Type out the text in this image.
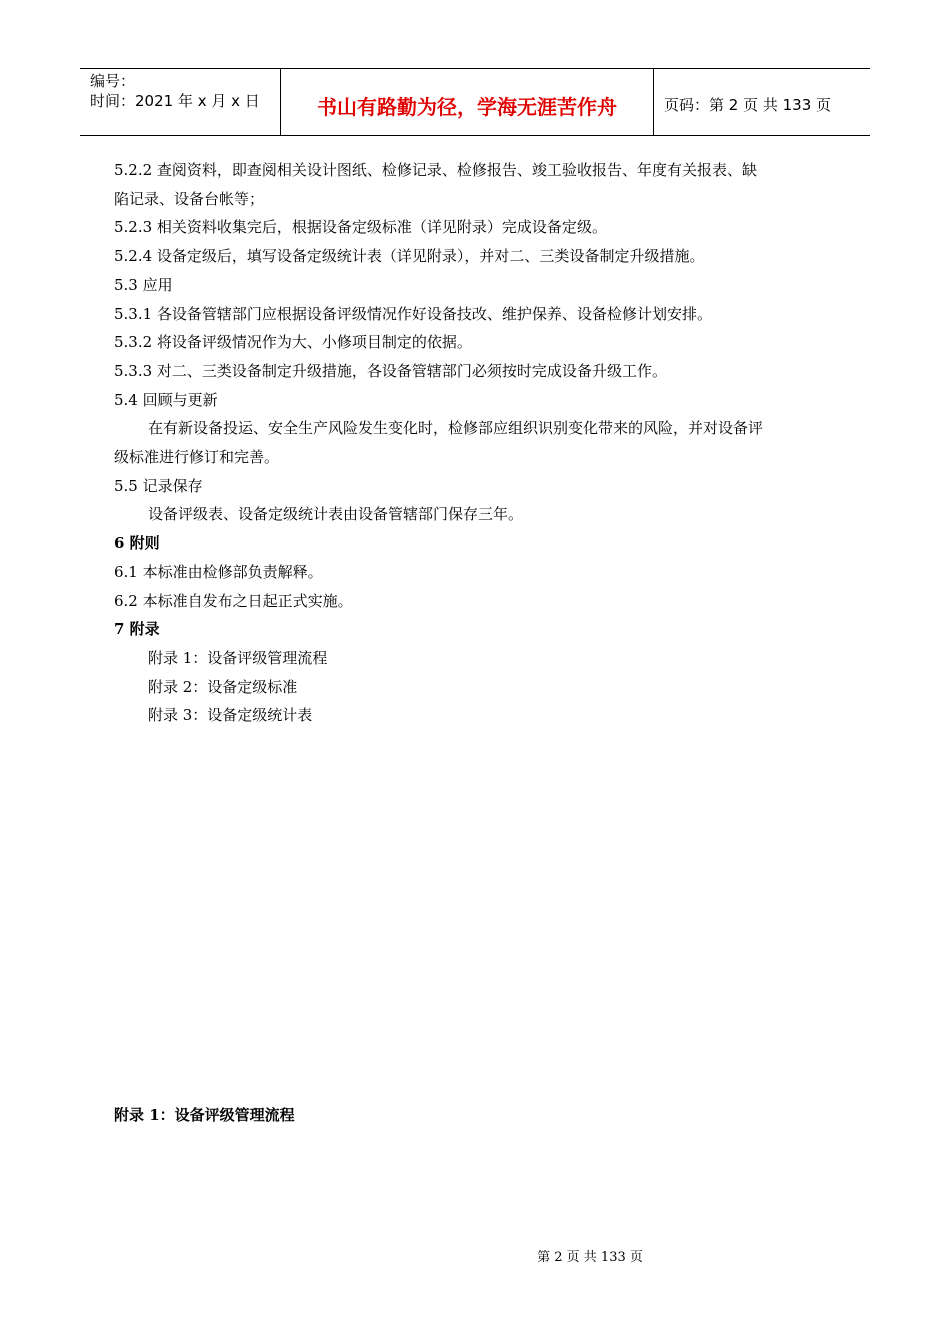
编号：
时间：2021 年 x 月 x 日	书山有路勤为径，学海无涯苦作舟	页码：第 2 页 共 133 页

5.2.2 查阅资料，即查阅相关设计图纸、检修记录、检修报告、竣工验收报告、年度有关报表、缺

陷记录、设备台帐等；

5.2.3 相关资料收集完后，根据设备定级标准（详见附录）完成设备定级。

5.2.4 设备定级后，填写设备定级统计表（详见附录），并对二、三类设备制定升级措施。

5.3 应用

5.3.1 各设备管辖部门应根据设备评级情况作好设备技改、维护保养、设备检修计划安排。

5.3.2 将设备评级情况作为大、小修项目制定的依据。

5.3.3 对二、三类设备制定升级措施，各设备管辖部门必须按时完成设备升级工作。

5.4 回顾与更新

在有新设备投运、安全生产风险发生变化时，检修部应组织识别变化带来的风险，并对设备评

级标准进行修订和完善。

5.5 记录保存

设备评级表、设备定级统计表由设备管辖部门保存三年。

6 附则

6.1 本标准由检修部负责解释。

6.2 本标准自发布之日起正式实施。

7 附录

附录 1：设备评级管理流程

附录 2：设备定级标准

附录 3：设备定级统计表

附录 1：设备评级管理流程
第 2 页 共 133 页
